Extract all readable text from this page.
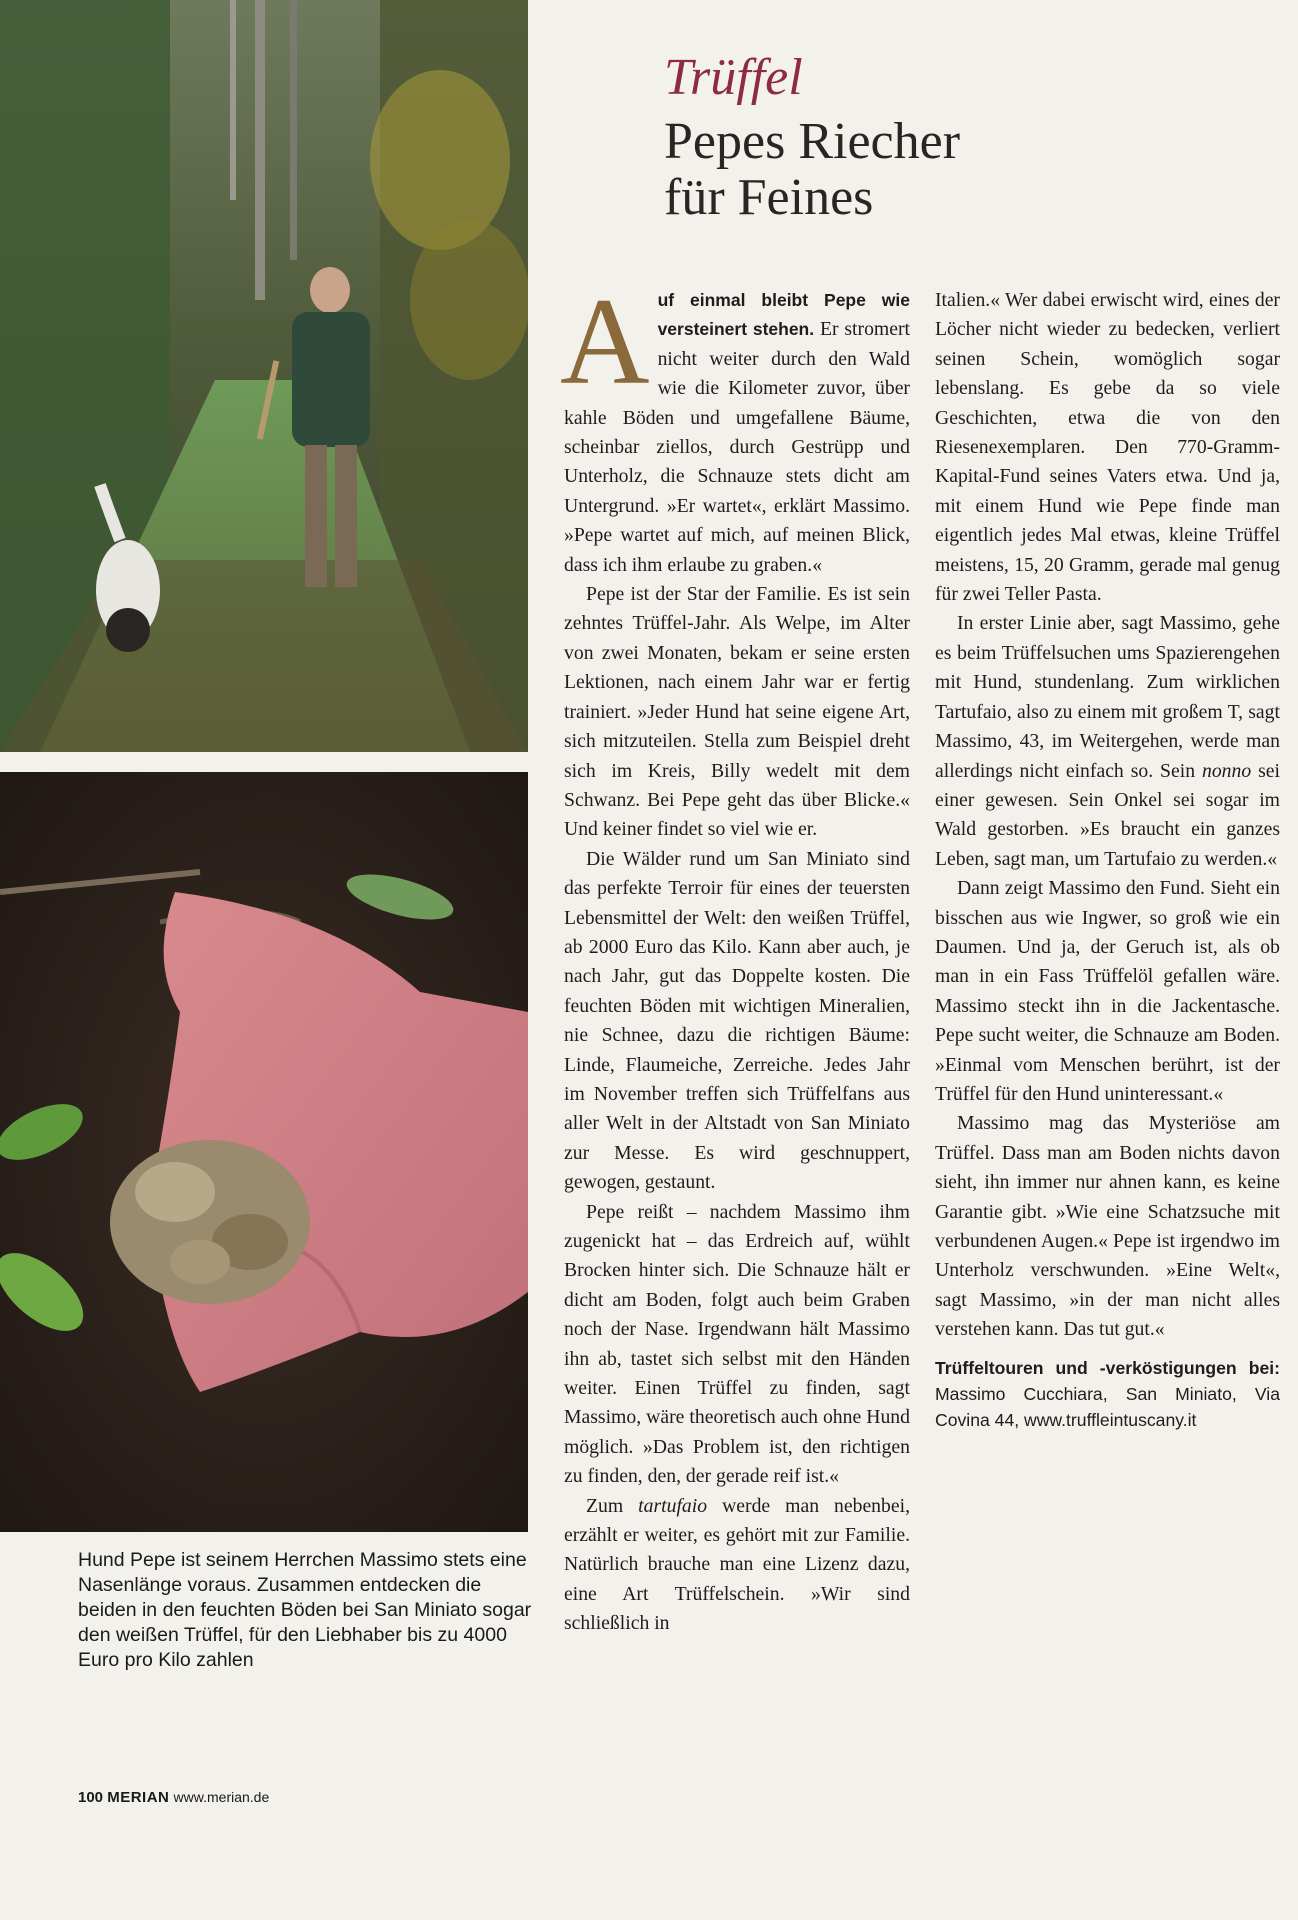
Hund Pepe ist seinem Herrchen Massimo stets eine Nasenlänge voraus. Zusammen entdecken die beiden in den feuchten Böden bei San Miniato sogar den weißen Trüffel, für den Liebhaber bis zu 4000 Euro pro Kilo zahlen

Trüffel
Pepes Riecher
für Feines

Auf einmal bleibt Pepe wie versteinert stehen. Er stromert nicht weiter durch den Wald wie die Kilometer zuvor, über kahle Böden und umgefallene Bäume, scheinbar ziellos, durch Gestrüpp und Unterholz, die Schnauze stets dicht am Untergrund. »Er wartet«, erklärt Massimo. »Pepe wartet auf mich, auf meinen Blick, dass ich ihm erlaube zu graben.«

Pepe ist der Star der Familie. Es ist sein zehntes Trüffel-Jahr. Als Welpe, im Alter von zwei Monaten, bekam er seine ersten Lektionen, nach einem Jahr war er fertig trainiert. »Jeder Hund hat seine eigene Art, sich mitzuteilen. Stella zum Beispiel dreht sich im Kreis, Billy wedelt mit dem Schwanz. Bei Pepe geht das über Blicke.« Und keiner findet so viel wie er.

Die Wälder rund um San Miniato sind das perfekte Terroir für eines der teuersten Lebensmittel der Welt: den weißen Trüffel, ab 2000 Euro das Kilo. Kann aber auch, je nach Jahr, gut das Doppelte kosten. Die feuchten Böden mit wichtigen Mineralien, nie Schnee, dazu die richtigen Bäume: Linde, Flaumeiche, Zerreiche. Jedes Jahr im November treffen sich Trüffelfans aus aller Welt in der Altstadt von San Miniato zur Messe. Es wird geschnuppert, gewogen, gestaunt.

Pepe reißt – nachdem Massimo ihm zugenickt hat – das Erdreich auf, wühlt Brocken hinter sich. Die Schnauze hält er dicht am Boden, folgt auch beim Graben noch der Nase. Irgendwann hält Massimo ihn ab, tastet sich selbst mit den Händen weiter. Einen Trüffel zu finden, sagt Massimo, wäre theoretisch auch ohne Hund möglich. »Das Problem ist, den richtigen zu finden, den, der gerade reif ist.«

Zum tartufaio werde man nebenbei, erzählt er weiter, es gehört mit zur Familie. Natürlich brauche man eine Lizenz dazu, eine Art Trüffelschein. »Wir sind schließlich in

Italien.« Wer dabei erwischt wird, eines der Löcher nicht wieder zu bedecken, verliert seinen Schein, womöglich sogar lebenslang. Es gebe da so viele Geschichten, etwa die von den Riesenexemplaren. Den 770-Gramm-Kapital-Fund seines Vaters etwa. Und ja, mit einem Hund wie Pepe finde man eigentlich jedes Mal etwas, kleine Trüffel meistens, 15, 20 Gramm, gerade mal genug für zwei Teller Pasta.

In erster Linie aber, sagt Massimo, gehe es beim Trüffelsuchen ums Spazierengehen mit Hund, stundenlang. Zum wirklichen Tartufaio, also zu einem mit großem T, sagt Massimo, 43, im Weitergehen, werde man allerdings nicht einfach so. Sein nonno sei einer gewesen. Sein Onkel sei sogar im Wald gestorben. »Es braucht ein ganzes Leben, sagt man, um Tartufaio zu werden.«

Dann zeigt Massimo den Fund. Sieht ein bisschen aus wie Ingwer, so groß wie ein Daumen. Und ja, der Geruch ist, als ob man in ein Fass Trüffelöl gefallen wäre. Massimo steckt ihn in die Jackentasche. Pepe sucht weiter, die Schnauze am Boden. »Einmal vom Menschen berührt, ist der Trüffel für den Hund uninteressant.«

Massimo mag das Mysteriöse am Trüffel. Dass man am Boden nichts davon sieht, ihn immer nur ahnen kann, es keine Garantie gibt. »Wie eine Schatzsuche mit verbundenen Augen.« Pepe ist irgendwo im Unterholz verschwunden. »Eine Welt«, sagt Massimo, »in der man nicht alles verstehen kann. Das tut gut.«

Trüffeltouren und -verköstigungen bei: Massimo Cucchiara, San Miniato, Via Covina 44, www.truffleintuscany.it
100 MERIAN www.merian.de
